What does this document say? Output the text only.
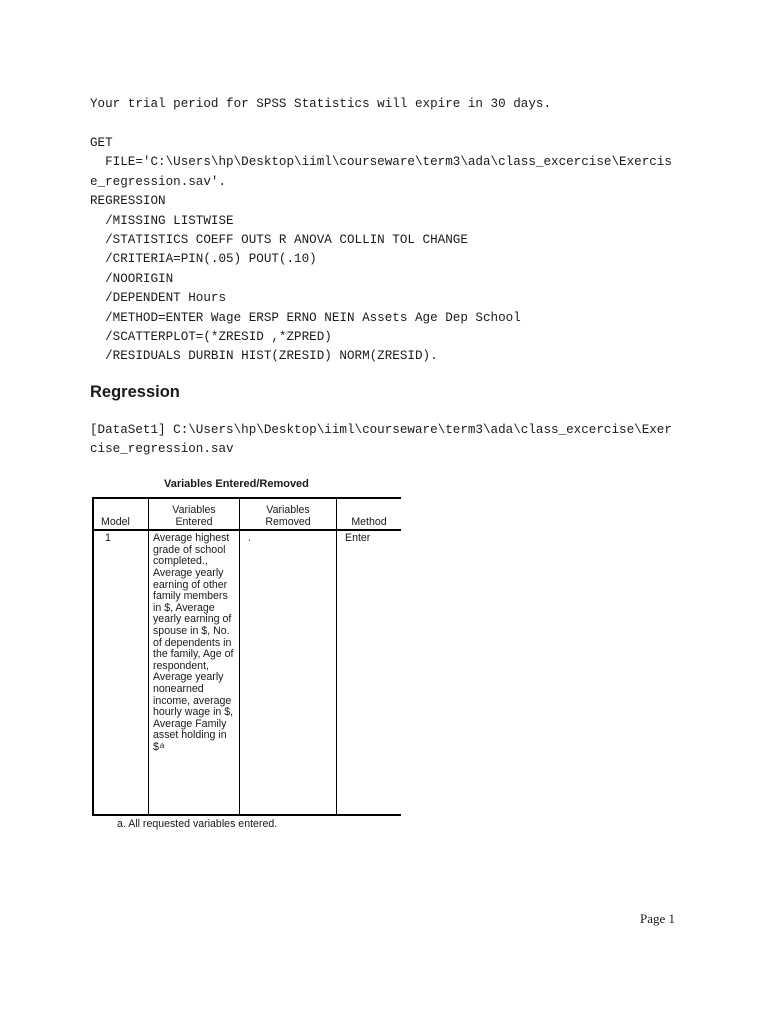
Your trial period for SPSS Statistics will expire in 30 days.
GET
FILE='C:\Users\hp\Desktop\iiml\courseware\term3\ada\class_excercise\Exercis
e_regression.sav'.
REGRESSION
/MISSING LISTWISE
/STATISTICS COEFF OUTS R ANOVA COLLIN TOL CHANGE
/CRITERIA=PIN(.05) POUT(.10)
/NOORIGIN
/DEPENDENT Hours
/METHOD=ENTER Wage ERSP ERNO NEIN Assets Age Dep School
/SCATTERPLOT=(*ZRESID ,*ZPRED)
/RESIDUALS DURBIN HIST(ZRESID) NORM(ZRESID).
Regression
[DataSet1] C:\Users\hp\Desktop\iiml\courseware\term3\ada\class_excercise\Exer
cise_regression.sav
Variables Entered/Removed
Model	Variables Entered	Variables Removed	Method
1	Average highest grade of school completed., Average yearly earning of other family members in $, Average yearly earning of spouse in $, No. of dependents in the family, Age of respondent, Average yearly nonearned income, average hourly wage in $, Average Family asset holding in \$$^a$	.	Enter
a. All requested variables entered.
Page 1
